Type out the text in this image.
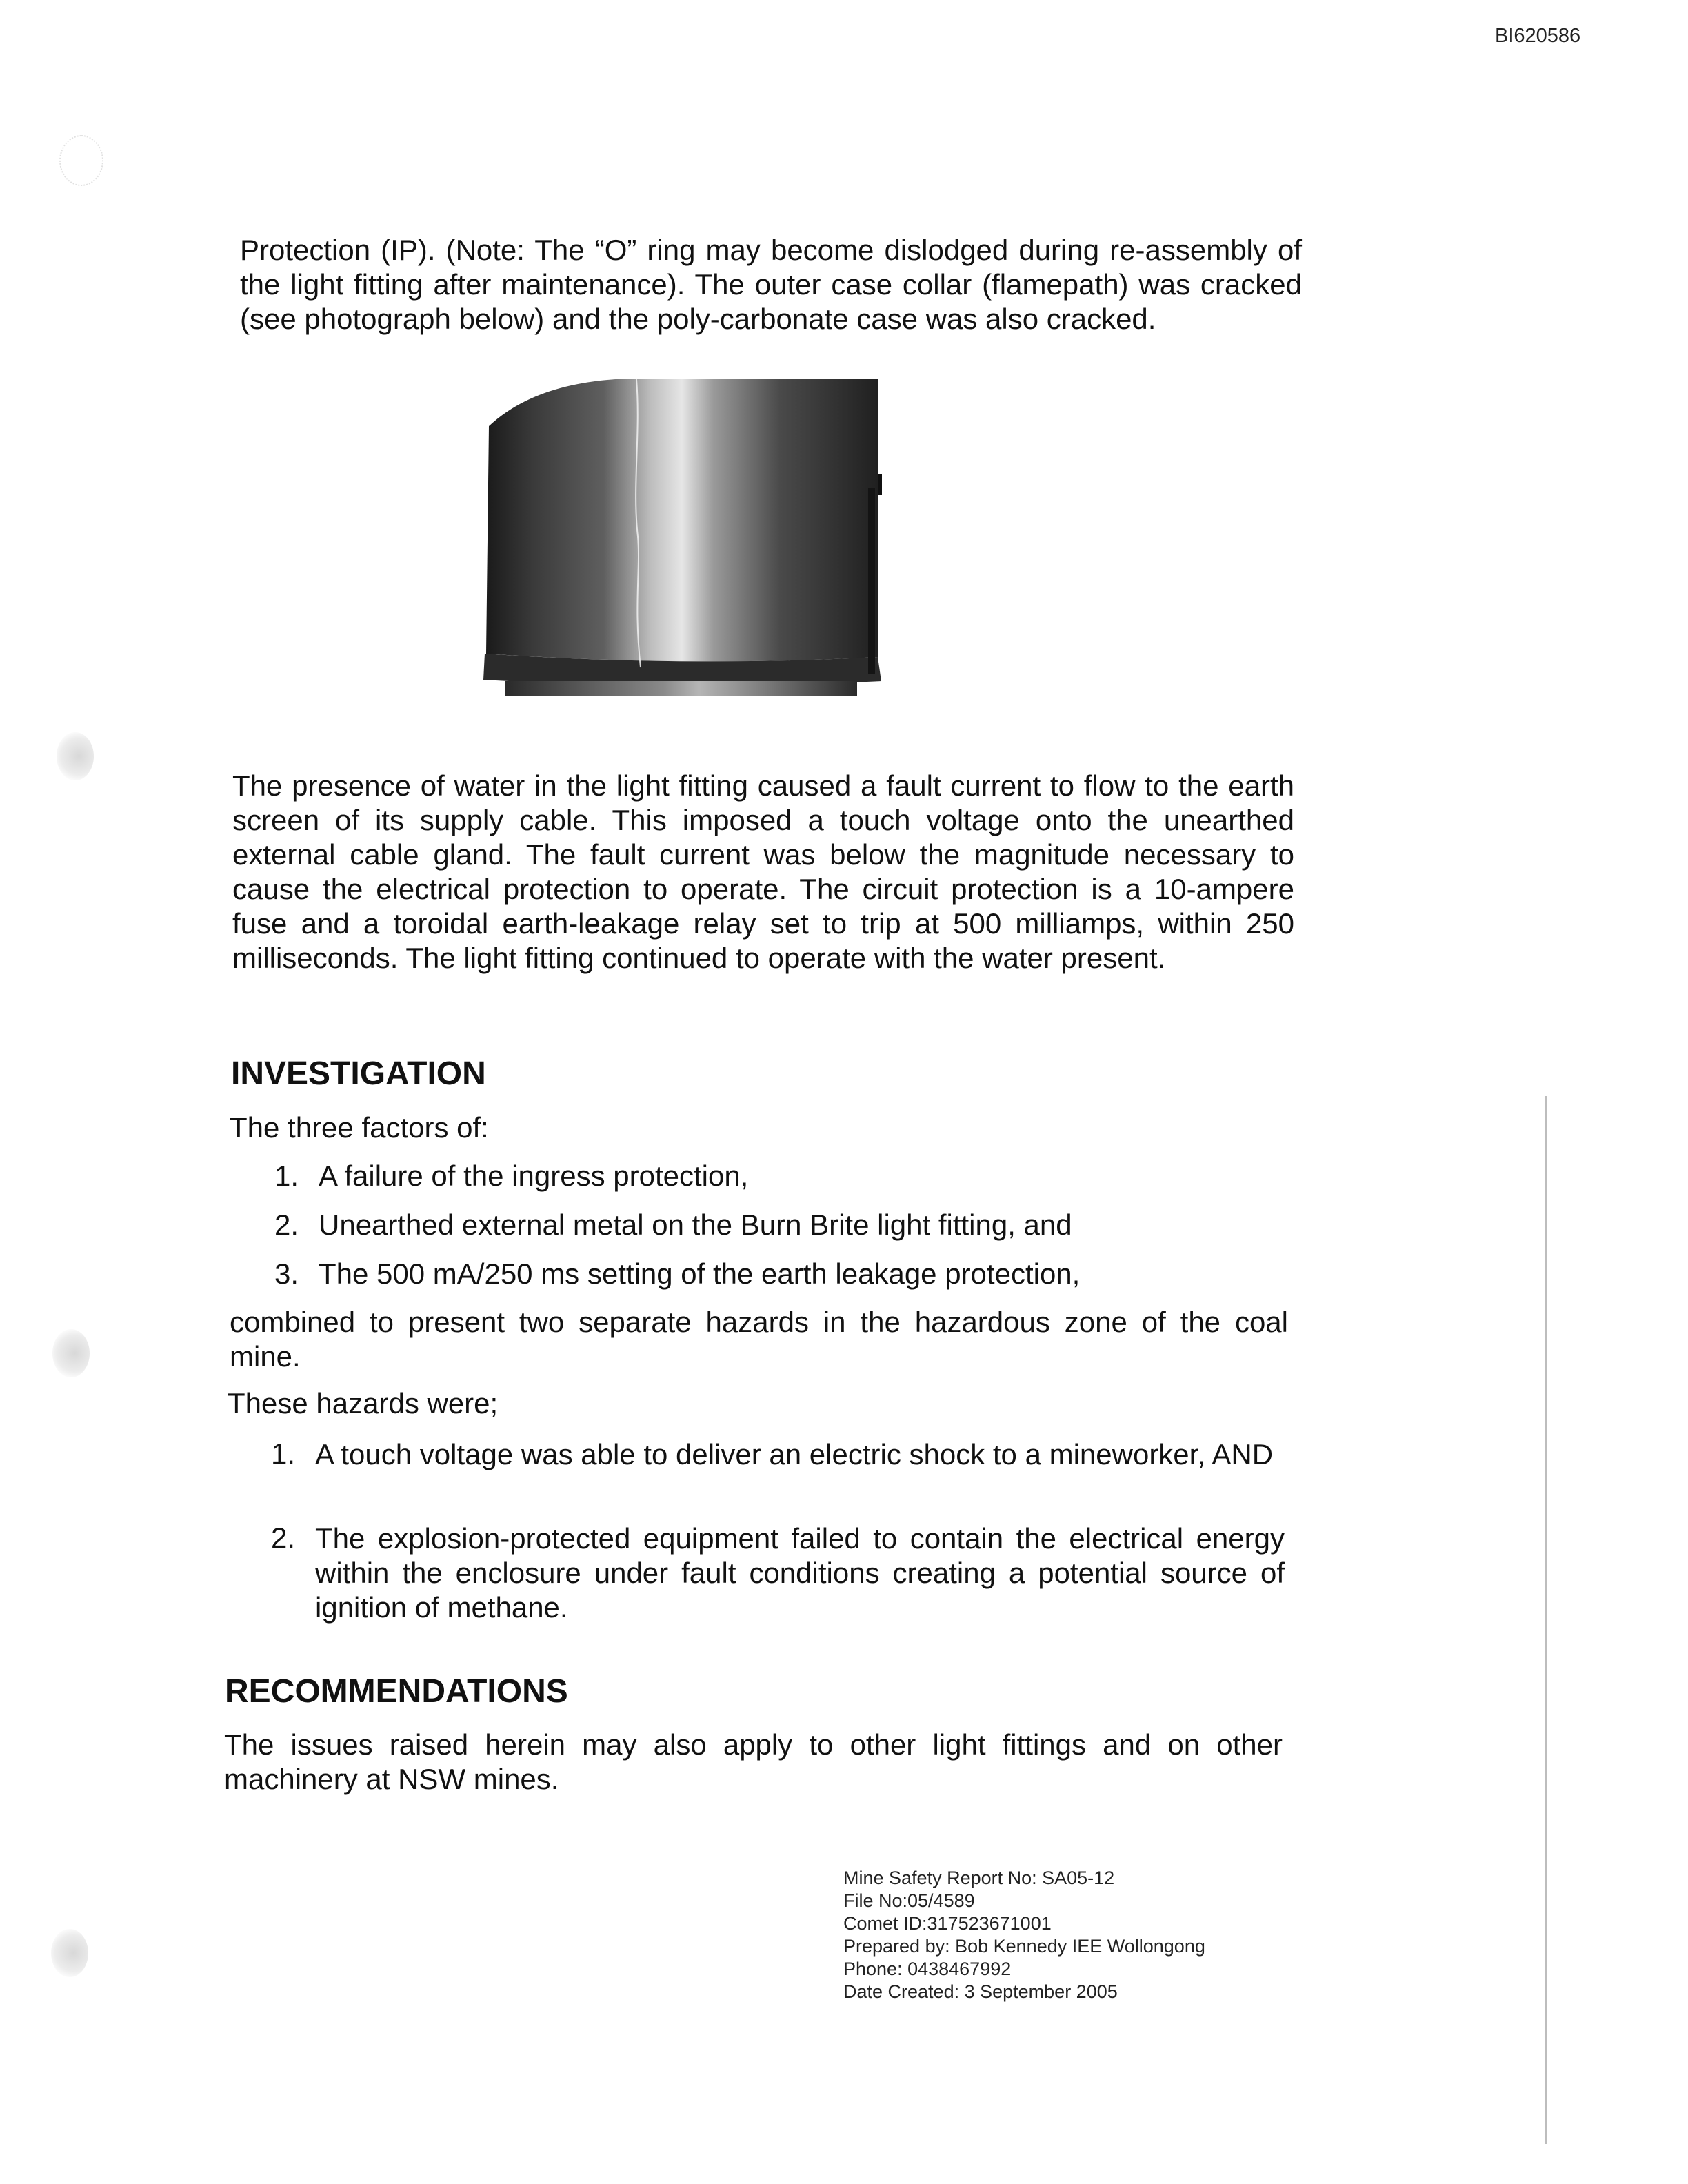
BI620586

Protection (IP). (Note: The “O” ring may become dislodged during re-assembly of the light fitting after maintenance). The outer case collar (flamepath) was cracked (see photograph below) and the poly-carbonate case was also cracked.

The presence of water in the light fitting caused a fault current to flow to the earth screen of its supply cable. This imposed a touch voltage onto the unearthed external cable gland. The fault current was below the magnitude necessary to cause the electrical protection to operate. The circuit protection is a 10-ampere fuse and a toroidal earth-leakage relay set to trip at 500 milliamps, within 250 milliseconds. The light fitting continued to operate with the water present.

INVESTIGATION

The three factors of:

1. A failure of the ingress protection,
2. Unearthed external metal on the Burn Brite light fitting, and
3. The 500 mA/250 ms setting of the earth leakage protection,

combined to present two separate hazards in the hazardous zone of the coal mine.

These hazards were;

1. A touch voltage was able to deliver an electric shock to a mineworker, AND

2. The explosion-protected equipment failed to contain the electrical energy within the enclosure under fault conditions creating a potential source of ignition of methane.

RECOMMENDATIONS

The issues raised herein may also apply to other light fittings and on other machinery at NSW mines.

Mine Safety Report No: SA05-12
File No:05/4589
Comet ID:317523671001
Prepared by: Bob Kennedy IEE Wollongong
Phone: 0438467992
Date Created: 3 September 2005
